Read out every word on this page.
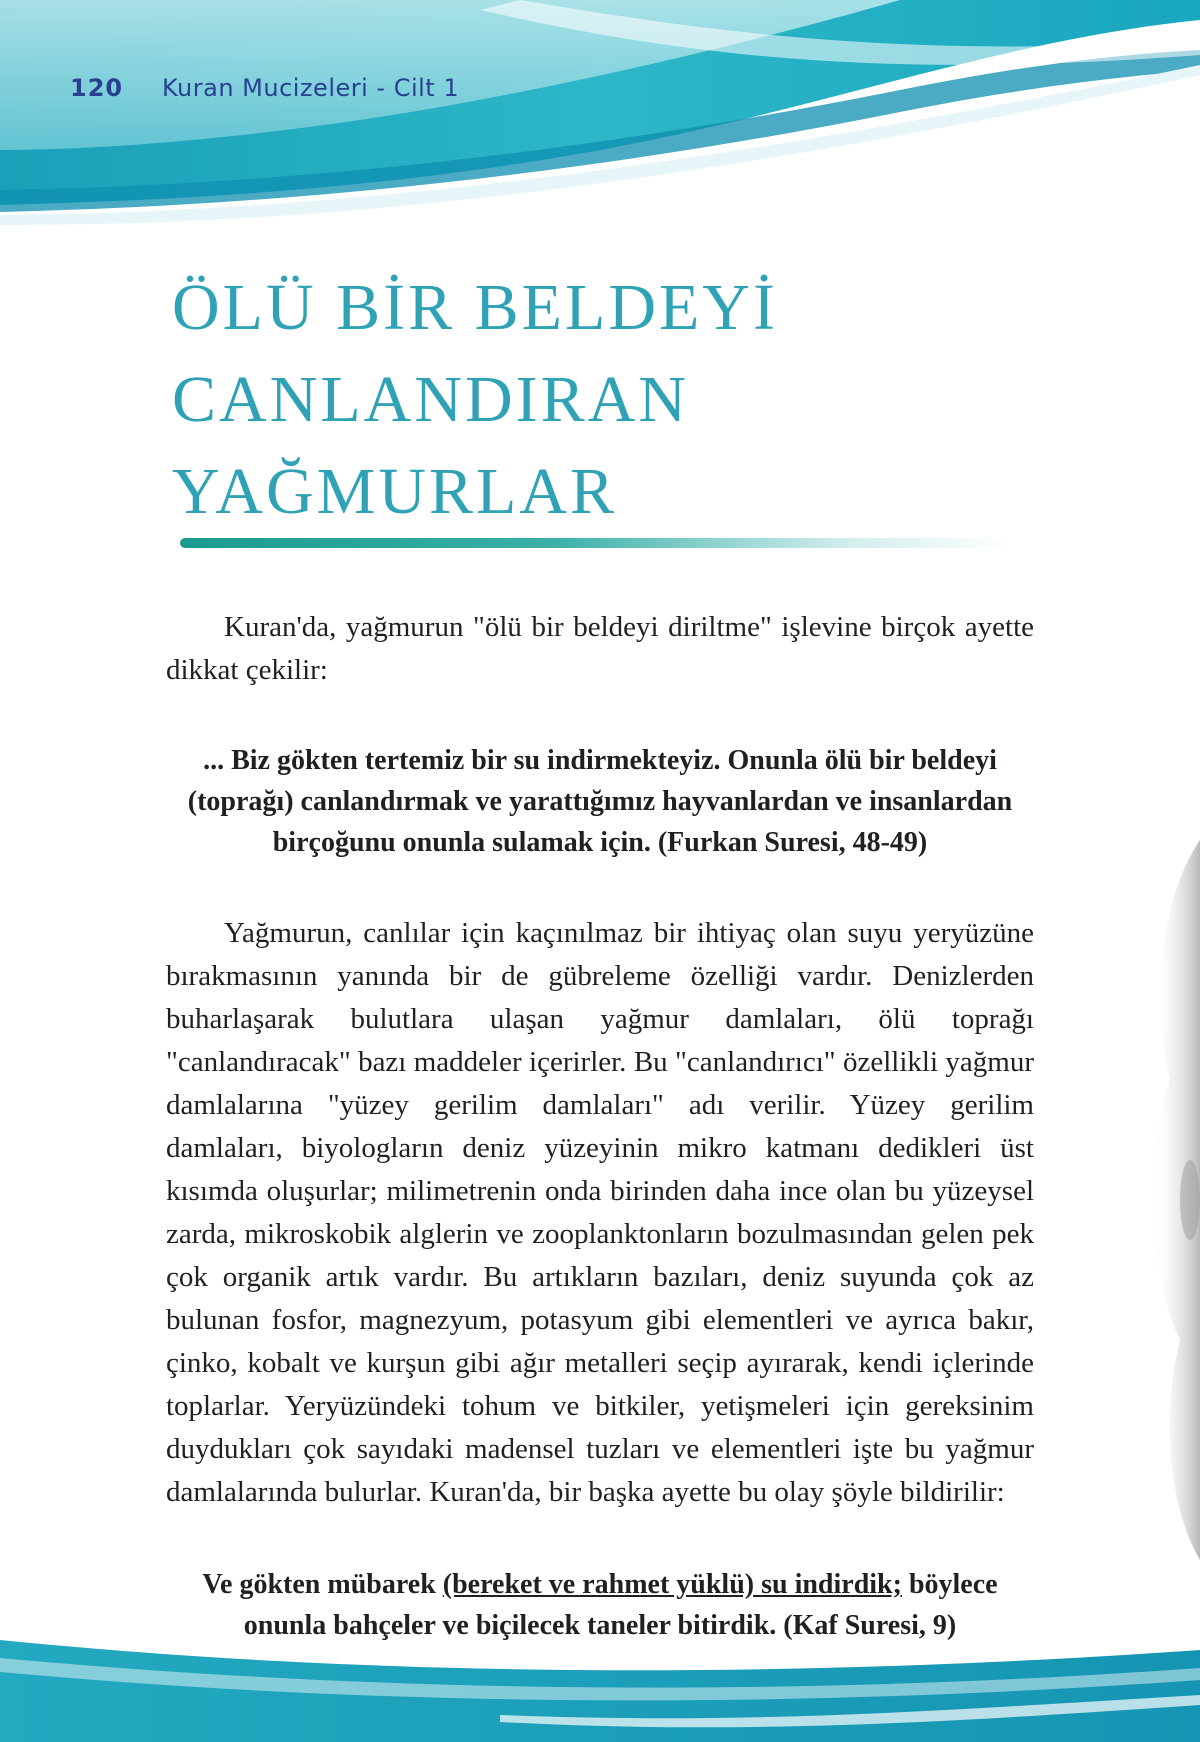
120 Kuran Mucizeleri - Cilt 1
ÖLÜ BİR BELDEYİ
CANLANDIRAN
YAĞMURLAR

Kuran'da, yağmurun "ölü bir beldeyi diriltme" işlevine birçok ayette dikkat çekilir:

... Biz gökten tertemiz bir su indirmekteyiz. Onunla ölü bir beldeyi (toprağı) canlandırmak ve yarattığımız hayvanlardan ve insanlardan birçoğunu onunla sulamak için. (Furkan Suresi, 48-49)

Yağmurun, canlılar için kaçınılmaz bir ihtiyaç olan suyu yeryüzüne bırakmasının yanında bir de gübreleme özelliği vardır. Denizlerden buharlaşarak bulutlara ulaşan yağmur damlaları, ölü toprağı "canlandıracak" bazı maddeler içerirler. Bu "canlandırıcı" özellikli yağmur damlalarına "yüzey gerilim damlaları" adı verilir. Yüzey gerilim damlaları, biyologların deniz yüzeyinin mikro katmanı dedikleri üst kısımda oluşurlar; milimetrenin onda birinden daha ince olan bu yüzeysel zarda, mikroskobik alglerin ve zooplanktonların bozulmasından gelen pek çok organik artık vardır. Bu artıkların bazıları, deniz suyunda çok az bulunan fosfor, magnezyum, potasyum gibi elementleri ve ayrıca bakır, çinko, kobalt ve kurşun gibi ağır metalleri seçip ayırarak, kendi içlerinde toplarlar. Yeryüzündeki tohum ve bitkiler, yetişmeleri için gereksinim duydukları çok sayıdaki madensel tuzları ve elementleri işte bu yağmur damlalarında bulurlar. Kuran'da, bir başka ayette bu olay şöyle bildirilir:

Ve gökten mübarek (bereket ve rahmet yüklü) su indirdik; böylece onunla bahçeler ve biçilecek taneler bitirdik. (Kaf Suresi, 9)
